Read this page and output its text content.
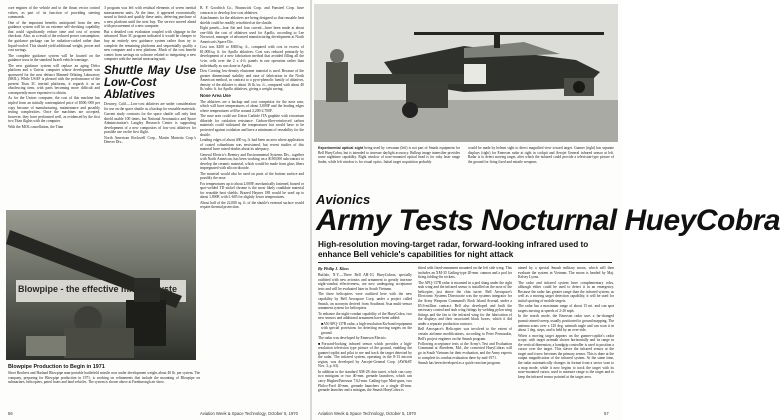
core engines of the vehicle and to the thrust vector control valves, as part of its function of providing steering commands.

One of the important benefits anticipated from the new guidance system will be an extreme self-checking capability that could significantly reduce time and cost of system checkout. Also, as a result of the reduced power consumption, the guidance package can be radiation-cooled rather than liquid-cooled. This should yield additional weight, power and cost savings.

The complete guidance system will be located on the guidance truss in the standard Israeli vehicle transtage.

The new guidance system will replace an aging Delco platform and a Univac computer whose development was sponsored for the now defunct Manned Orbiting Laboratory (MOL). While USAF is pleased with the performance of the present Titan 3C inertial platforms, it regards it as an obsolescing item, with parts becoming more difficult and consequently more expensive to obtain.

As for the Univac computer, the cost of this machine has tripled from an initially contemplated price of $500,-000 per copy because of manufacturing, maintenance and possibly testing complexities. Once the machines are accepted, however, they have performed well, as evidenced by the first two Titan flights with the computer.

With the MOL cancellation, the Titan

3 program was left with residual elements of seven inertial measurement units. At the time, it appeared economically sound to finish and qualify these units, deferring purchase of a new platform until the next buy. The service moved ahead with procurement of a new computer.

But a detailed cost evaluation coupled with slippage in the advanced Titan 3C program indicated it would be cheaper to buy an entirely new guidance system rather than try to complete the remaining platforms and sequentially qualify a new computer and a new platform. Much of the cost benefit comes from savings on software related to integrating a new computer with the inertial measuring unit.

Shuttle May Use Low-Cost Ablatives

Downey, Calif.—Low-cost ablatives are under consideration for use on the space shuttle as a backup for reusable materials.

Current study contracts for the space shuttle call only heat shield usable 100 times, but National Aeronautics and Space Administration's Langley Research Center is supporting development of a new composites of low-cost ablatives for possible use on the first flight.

North American Rockwell Corp., Martin Marietta Corp.'s Denver Div.,

B. F. Goodrich Co., Brunswick Corp. and Fansteel Corp. have contracts to develop low-cost ablatives.

Attachments for the ablatives are being designed so that reusable heat shields could be readily retrofitted on the shuttle.

Eight panels—four flat and four curved—have been made at about one-fifth the cost of ablatives used for Apollo, according to Lee Norwood, manager of advanced manufacturing development at North American's Space Div.

Cost was $200 to $300/sq. ft., compared with cost in excess of $1,000/sq. ft. for Apollo ablatives. Cost was reduced primarily by development of a new fabrication method that avoided filling all the ¼-in. cells over the 2 x 4-ft. panels in one operation rather than individually as was done in Apollo.

Dow Corning low-density elastomer material is used. Because of the greater dimensional stability and ease of fabrication in the North American method, in contrast to a pyro-phenolic family of ablatives, density of the ablative is about 16 lb./cu. ft., compared with about 40 lb./cubic ft. for Apollo ablatives, giving a weight saving.

Nose Area Use

The ablatives are a backup and cost competitor for the nose area, which will have temperatures of about 3,000F and the leading edges where temperatures will be around 2,200-2,700F.

The nose area could use Union Carbide ITA graphite with zirconium diboride for oxidation resistance. Carbon-fiber-reinforced carbon materials could withstand the temperatures but would have to be protected against oxidation and have a minimum of reusability for the shuttle.

Leading edges of about 400 sq. ft. had been an area where application of coated columbium was envisioned, but recent studies of this material have raised doubts about its adequacy.

General Electric's Reentry and Environmental Systems Div., together with North American, has been working on a $100,000 subcontract to develop the ceramic material, which would be made from glass fibers impregnated with silicon dioxide.

The material would also be used on parts of the bottom surface and possibly the nose.

For temperatures up to about 2,000F, mechanically fastened, brazed or spot-welded TD nickel chrome is the most likely candidate material for reusable heat shields. Brazed Haynes 188 would be used up to about 1,800F, with L-605 for slightly lower temperatures.

About half of the 22,000 sq. ft. of the shuttle's external surface would require thermal protection.

Blowpipe - the effective missile syste
Blowpipe Production to Begin in 1971
Short Brothers and Harland Blowpipe man-portable battlefield missile now under development weighs about 40 lb. per system. The company, preparing for Blowpipe production in 1971, is working on refinements that include the mounting of Blowpipe on submarines, helicopters, patrol boats and land vehicles. The system is shown above at Farnborough air show.
56	Aviation Week & Space Technology, October 5, 1970
Experimental optical sight being used by crewman (left) is not part of Smash equipment for Bell HueyCobra, but is intended to increase daylight accuracy. Bullrup image intensifier provides some nighttime capability. Right window of nose-mounted optical head is for ruby laser range finder, while left window is for visual optics. Initial target acquisition probably
would be made by helmet sight to direct magnified view toward target. Gunner (right) has separate displays (right) for Emerson radar at right in cockpit and Aerojet General infrared sensor at left. Radar is to detect moving target, after which the infrared could provide a television-type picture of the ground for firing fixed and missile weapons.
Avionics
Army Tests Nocturnal HueyCobra
High-resolution moving-target radar, forward-looking infrared used to enhance Bell vehicle's capabilities for night attack
By Philip J. Klass

Buffalo, N.Y.—Three Bell AH-1G HueyCobras, specially outfitted with new avionics and armament to greatly increase night-combat effectiveness, are now undergoing acceptance tests and will be evaluated later in South Vietnam.

The three helicopters were outfitted here with the new capability by Bell Aerospace Corp. under a project called Smash, an acronym derived from Southeast Asia multi-sensor armament system for helicopters.

To enhance the night-combat capability of the HueyCobra, two new sensors and additional armament have been added:

■AN/APQ-137B radar, a high-resolution Ku-band equipment with special provisions for detecting moving targets on the ground.

The radar was developed by Emerson Electric.

■Forward-looking infrared sensor which provides a high-resolution television type picture of the ground, enabling the gunner/copilot and pilot to see and track the target detected by the radar. The infrared system, operating in the 8-13 micron region, was developed by Aerojet-General Corp. (AW&ST Nov. 3, p. 63).

In addition to the standard XM-28 chin turret, which can carry two miniguns or two 40-mm. grenade launchers, which can carry Hughes/Emerson 7.62-mm. Gatling-type Mini-guns, two Philco-Ford 40-mm. grenade launchers or a single 40-mm. grenade launcher and a minigun, the Smash HueyCobra is

fitted with fixed-armament mounted on the left side wing. This includes an XM-35 Gatling-type 20-mm. cannon and a pod for firing folding-fin rockets.

The APQ-137B radar is mounted in a pod slung under the right stub wing and the infrared sensor is installed on the nose of the helicopter, just above the chin turret. Bell Aerospace's Electronic Systems Directorate was the systems integrator for the Army Weapons Command's Rock Island Arsenal, under a $5.6-million contract. Bell also developed and built the necessary control and stub wing fittings by welding pylon wing fittings and the fan to the infrared wing for the fabrication of the displays and their associated black boxes, which it did under a separate production contract.

Bell Aerospace's Helicopter was involved to the extent of certain airframe modifications, according to Peter Pernasakis, Bell's project engineer on the Smash program.

Following acceptance tests at the Army's Test and Evaluation Command at Aberdeen, Md., the converted HueyCobras will go in South Vietnam for their evaluation, and the Army expects to complete its combat evaluation there by mid-1971.

Smash has been developed as a quick-reaction program.

aimed by a special Smash military moon, which will then evaluate the system in Vietnam. The moon is headed by Maj. Kelsey Lyons.

The radar and infrared system have complementary roles, although either could be used to detect it in an emergency. Because the radar has greater range than the infrared system, as well as a moving target detection capability, it will be used for initial spotting of mobile targets.

The radar has a maximum range of about 15 mi. and can spot targets moving at speeds of 2-20 mph.

In the search mode, the Emerson radar uses a far-changed pursuit-aimed sweep, usually positioned to ground mapping. The antenna scans over a 120 deg. azimuth angle and can scan it in about 1 deg. steps, and is held by an over-ride.

When a moving target appears on the gunner-copilot's radar scope, with target azimuth shown horizontally and its range in the vertical dimension, a handgrip controller is used to position a cursor over the target. This slaves the infrared sensor at the target and it now becomes the primary sensor. This is done at the output magnification of the infrared system. At the same time, the radar automatically changes its format from a sector scan to a map mode, while it now begins to track the target with its nose-mounted cursor, used to measure range to the target and to keep the infrared sensor pointed at the target area.

Aviation Week & Space Technology, October 5, 1970	57
